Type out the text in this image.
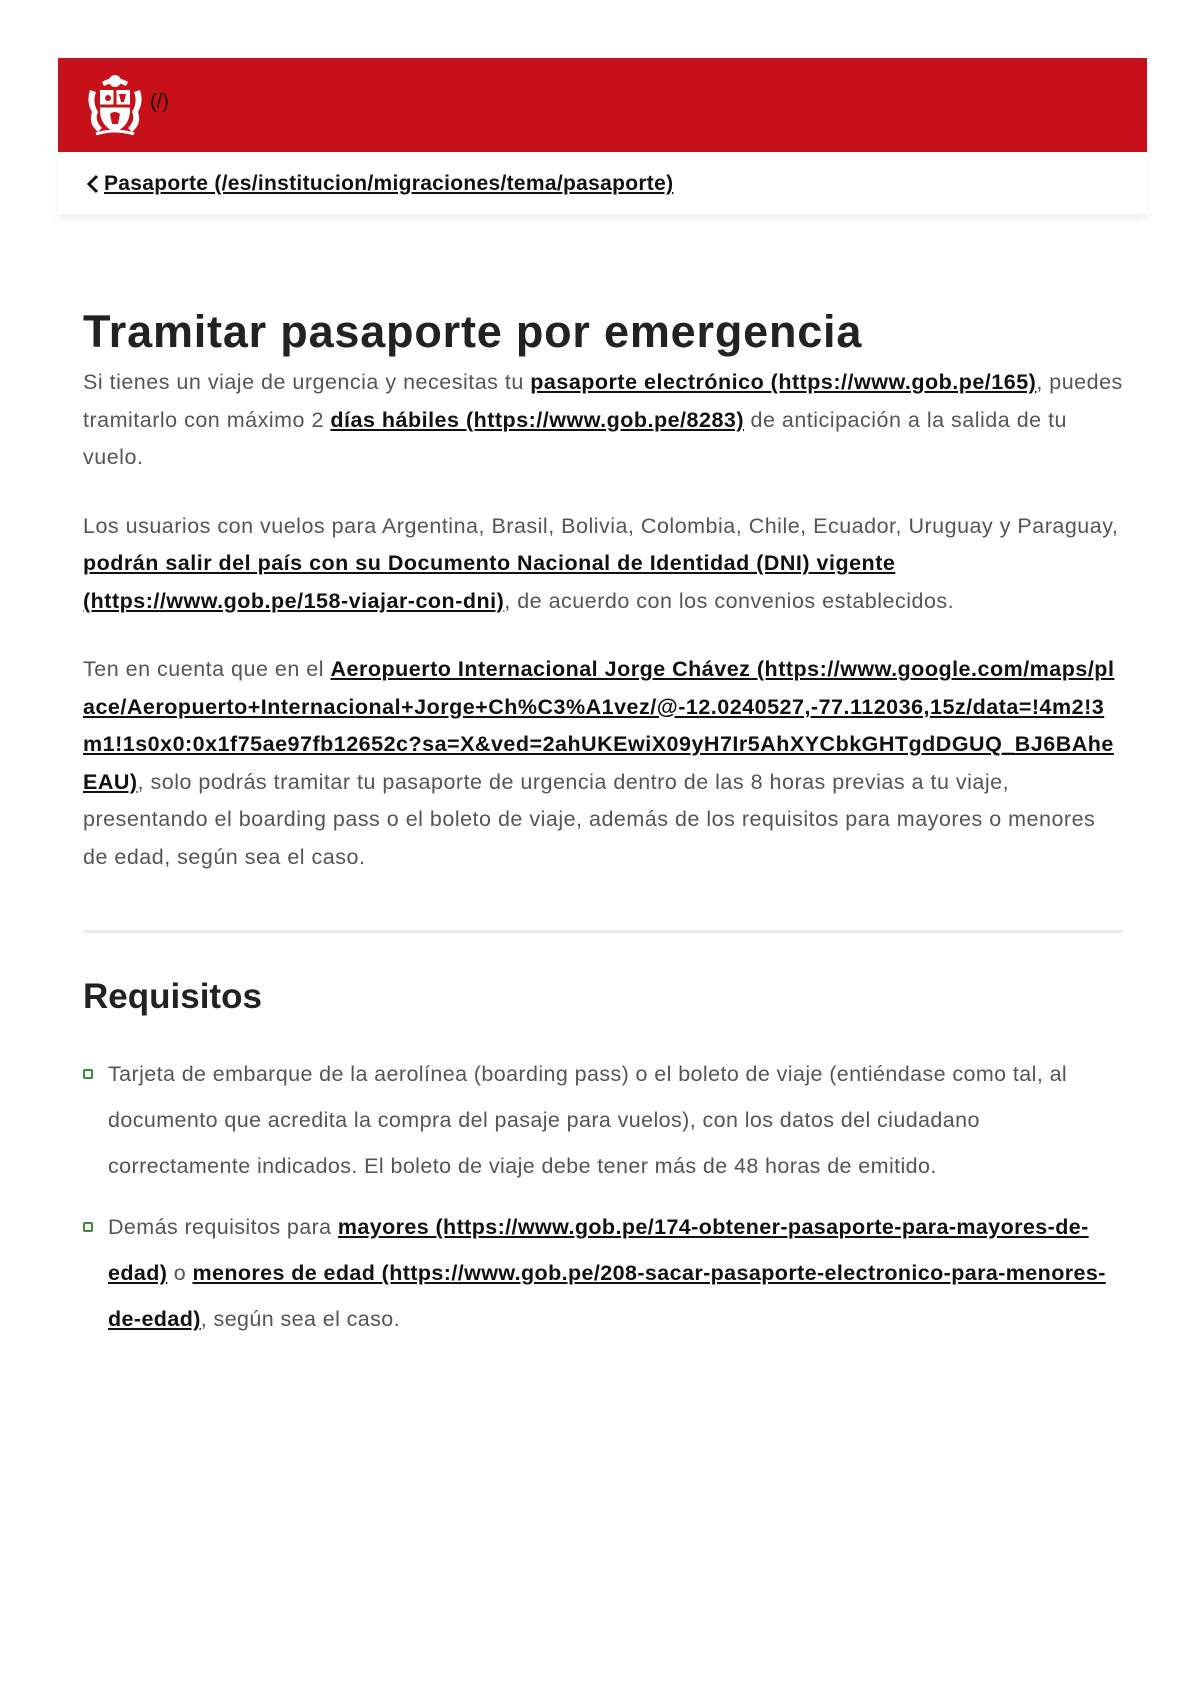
(/)
Pasaporte (/es/institucion/migraciones/tema/pasaporte)
Tramitar pasaporte por emergencia

Si tienes un viaje de urgencia y necesitas tu pasaporte electrónico (https://www.gob.pe/165), puedes tramitarlo con máximo 2 días hábiles (https://www.gob.pe/8283) de anticipación a la salida de tu vuelo.

Los usuarios con vuelos para Argentina, Brasil, Bolivia, Colombia, Chile, Ecuador, Uruguay y Paraguay, podrán salir del país con su Documento Nacional de Identidad (DNI) vigente (https://www.gob.pe/158-viajar-con-dni), de acuerdo con los convenios establecidos.

Ten en cuenta que en el Aeropuerto Internacional Jorge Chávez (https://www.google.com/maps/place/Aeropuerto+Internacional+Jorge+Ch%C3%A1vez/@-12.0240527,-77.112036,15z/data=!4m2!3m1!1s0x0:0x1f75ae97fb12652c?sa=X&ved=2ahUKEwiX09yH7Ir5AhXYCbkGHTgdDGUQ_BJ6BAheEAU), solo podrás tramitar tu pasaporte de urgencia dentro de las 8 horas previas a tu viaje, presentando el boarding pass o el boleto de viaje, además de los requisitos para mayores o menores de edad, según sea el caso.

Requisitos
Tarjeta de embarque de la aerolínea (boarding pass) o el boleto de viaje (entiéndase como tal, al documento que acredita la compra del pasaje para vuelos), con los datos del ciudadano correctamente indicados. El boleto de viaje debe tener más de 48 horas de emitido.
Demás requisitos para mayores (https://www.gob.pe/174-obtener-pasaporte-para-mayores-de-edad) o menores de edad (https://www.gob.pe/208-sacar-pasaporte-electronico-para-menores-de-edad), según sea el caso.
